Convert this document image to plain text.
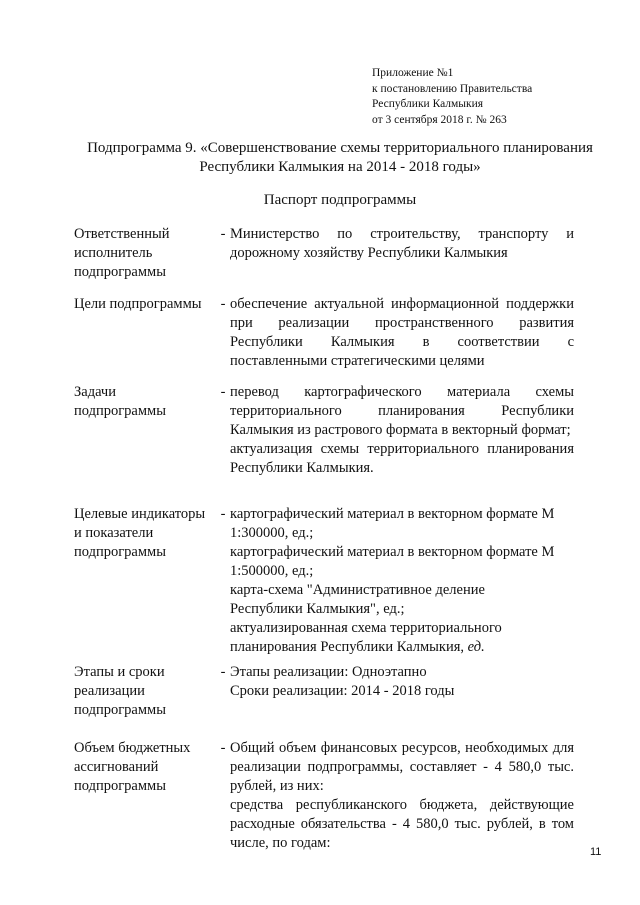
Приложение №1
к постановлению Правительства
Республики Калмыкия
от 3 сентября 2018 г. № 263
Подпрограмма 9. «Совершенствование схемы территориального планирования
Республики Калмыкия на 2014 - 2018 годы»
Паспорт подпрограммы
Ответственный
исполнитель
подпрограммы
- Министерство по строительству, транспорту и дорожному хозяйству Республики Калмыкия
Цели подпрограммы	- обеспечение актуальной информационной поддержки при реализации пространственного развития Республики Калмыкия в соответствии с поставленными стратегическими целями
Задачи
подпрограммы
- перевод картографического материала схемы территориального планирования Республики Калмыкия из растрового формата в векторный формат;
актуализация схемы территориального планирования Республики Калмыкия.
Целевые индикаторы
и показатели
подпрограммы
- картографический материал в векторном формате М
1:300000, ед.;
картографический материал в векторном формате М
1:500000, ед.;
карта-схема "Административное деление
Республики Калмыкия", ед.;
актуализированная схема территориального
планирования Республики Калмыкия, ед.
Этапы и сроки
реализации
подпрограммы
- Этапы реализации: Одноэтапно
Сроки реализации: 2014 - 2018 годы
Объем бюджетных
ассигнований
подпрограммы
- Общий объем финансовых ресурсов, необходимых для реализации подпрограммы, составляет - 4 580,0 тыс. рублей, из них:
средства республиканского бюджета, действующие расходные обязательства - 4 580,0 тыс. рублей, в том числе, по годам:
11
